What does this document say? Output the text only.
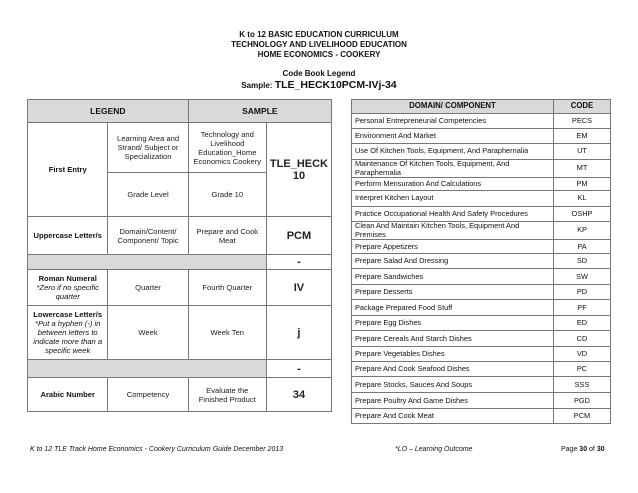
K to 12 BASIC EDUCATION CURRICULUM
TECHNOLOGY AND LIVELIHOOD EDUCATION
HOME ECONOMICS - COOKERY
Code Book Legend
Sample: TLE_HECK10PCM-IVj-34
LEGEND		SAMPLE	
First Entry	Learning Area and Strand/ Subject or Specialization	Technology and Livelihood Education_Home Economics Cookery	TLE_HECK 10
	Grade Level	Grade 10	
Uppercase Letter/s	Domain/Content/ Component/ Topic	Prepare and Cook Meat	PCM
			-
Roman Numeral
*Zero if no specific quarter	Quarter	Fourth Quarter	IV
Lowercase Letter/s
*Put a hyphen (-) in between letters to indicate more than a specific week	Week	Week Ten	j
			-
Arabic Number	Competency	Evaluate the Finished Product	34
DOMAIN/ COMPONENT	CODE
Personal Entrepreneurial Competencies	PECS
Environment And Market	EM
Use Of Kitchen Tools, Equipment, And Paraphernalia	UT
Maintenance Of Kitchen Tools, Equipment, And Paraphernalia	MT
Perform Mensuration And Calculations	PM
Interpret Kitchen Layout	KL
Practice Occupational Health And Safety Procedures	OSHP
Clean And Maintain Kitchen Tools, Equipment And Premises	KP
Prepare Appetizers	PA
Prepare Salad And Dressing	SD
Prepare Sandwiches	SW
Prepare Desserts	PD
Package Prepared Food Stuff	PF
Prepare Egg Dishes	ED
Prepare Cereals And Starch Dishes	CD
Prepare Vegetables Dishes	VD
Prepare And Cook Seafood Dishes	PC
Prepare Stocks, Sauces And Soups	SSS
Prepare Poultry And Game Dishes	PGD
Prepare And Cook Meat	PCM
K to 12 TLE Track Home Economics - Cookery Curriculum Guide December 2013	*LO – Learning Outcome	Page 30 of 30
